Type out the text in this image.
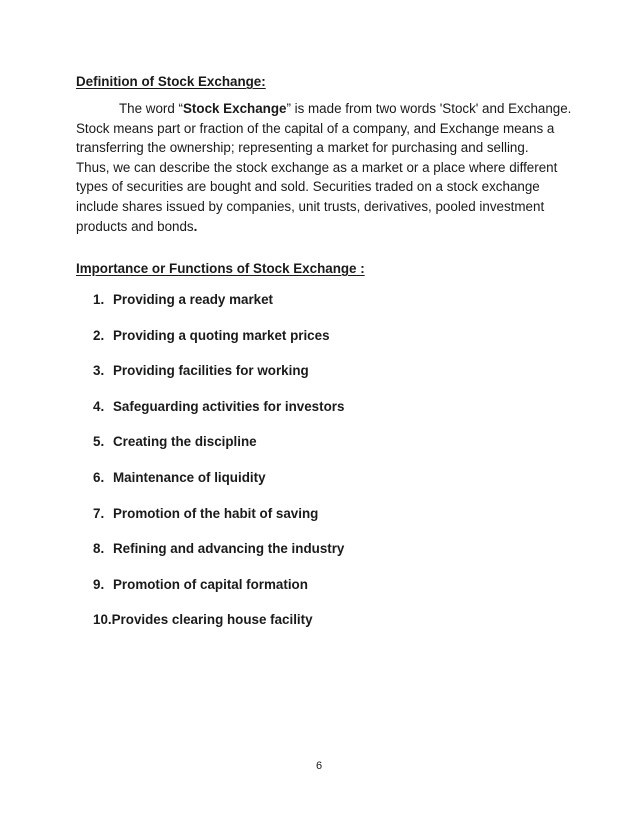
Definition of Stock Exchange:
The word “Stock Exchange” is made from two words 'Stock' and Exchange.
Stock means part or fraction of the capital of a company, and Exchange means a
transferring the ownership; representing a market for purchasing and selling.
Thus, we can describe the stock exchange as a market or a place where different
types of securities are bought and sold. Securities traded on a stock exchange
include shares issued by companies, unit trusts, derivatives, pooled investment
products and bonds.
Importance or Functions of Stock Exchange :
1. Providing a ready market
2. Providing a quoting market prices
3. Providing facilities for working
4. Safeguarding activities for investors
5. Creating the discipline
6. Maintenance of liquidity
7. Promotion of the habit of saving
8. Refining and advancing the industry
9. Promotion of capital formation
10.Provides clearing house facility
6
